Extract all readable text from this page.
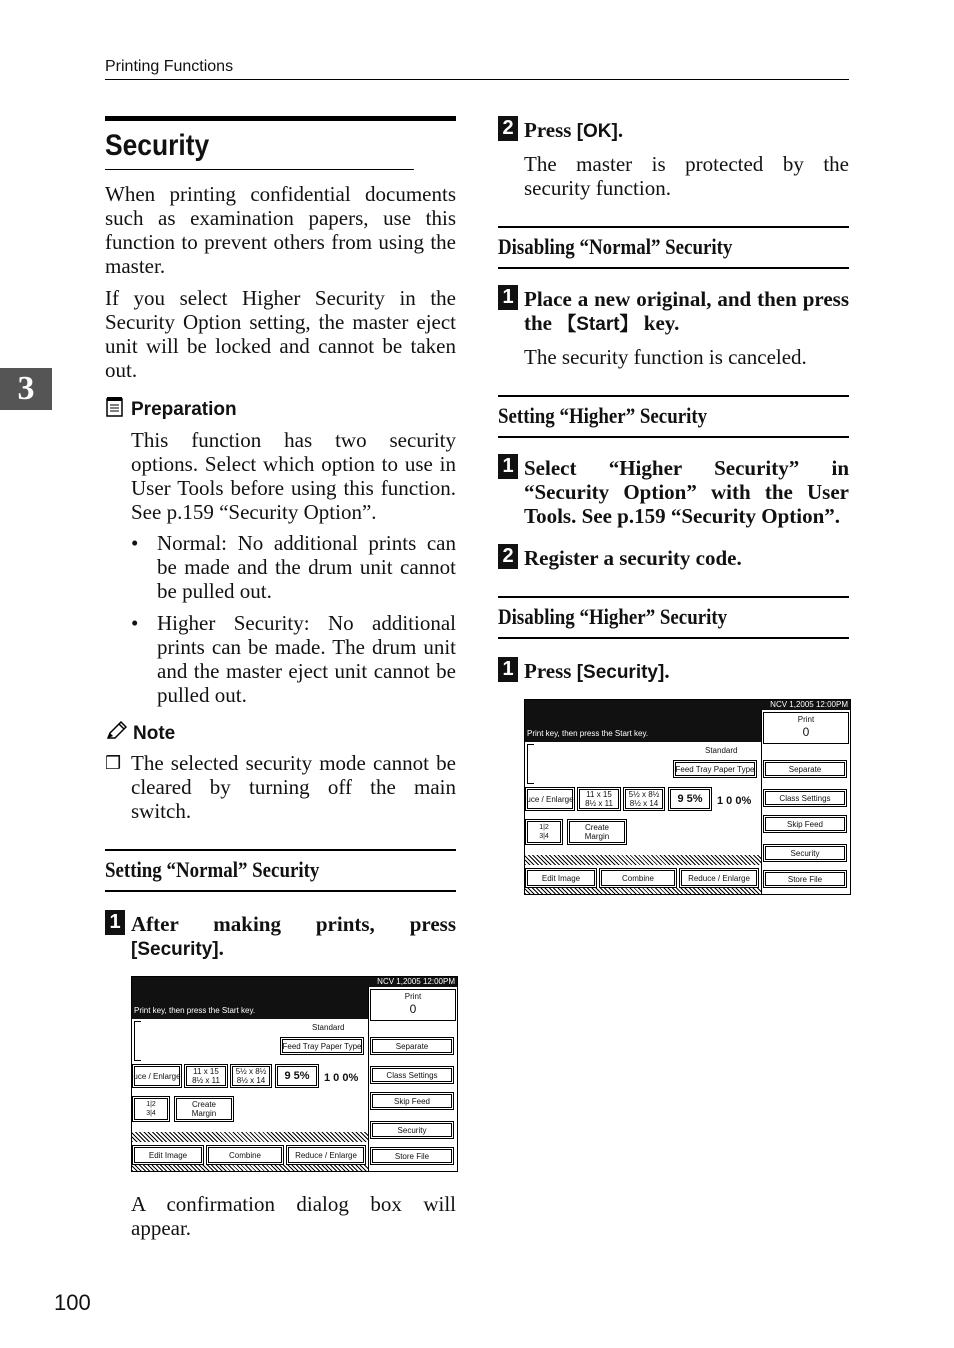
Printing Functions
3
Security

When printing confidential documents such as examination papers, use this function to prevent others from using the master.

If you select Higher Security in the Security Option setting, the master eject unit will be locked and cannot be taken out.

Preparation

This function has two security options. Select which option to use in User Tools before using this function. See p.159 “Security Option”.

• Normal: No additional prints can be made and the drum unit cannot be pulled out.
• Higher Security: No additional prints can be made. The drum unit and the master eject unit cannot be pulled out.
Note
❒ The selected security mode cannot be cleared by turning off the main switch.
Setting “Normal” Security
1 After making prints, press [Security].
NCV 1,2005 12:00PM
Print key, then press the Start key.
Print
0
Standard
Feed Tray Paper Type	Separate
uce / Enlarge 11 x 15
8½ x 11
5½ x 8½
8½ x 14	9 5%	1 0 0%	Class Settings
1|2
3|4
Create
Margin
Skip Feed
Security
Edit Image	Combine	Reduce / Enlarge	Store File

A confirmation dialog box will appear.

2 Press [OK].

The master is protected by the security function.

Disabling “Normal” Security
1 Place a new original, and then press the 【Start】 key.

The security function is canceled.

Setting “Higher” Security
1 Select “Higher Security” in “Security Option” with the User Tools. See p.159 “Security Option”.
2 Register a security code.
Disabling “Higher” Security
1 Press [Security].
NCV 1,2005 12:00PM
Print key, then press the Start key.
Print
0
Standard
Feed Tray Paper Type	Separate
uce / Enlarge 11 x 15
8½ x 11
5½ x 8½
8½ x 14	9 5%	1 0 0%	Class Settings
1|2
3|4
Create
Margin
Skip Feed
Security
Edit Image	Combine	Reduce / Enlarge	Store File
100
